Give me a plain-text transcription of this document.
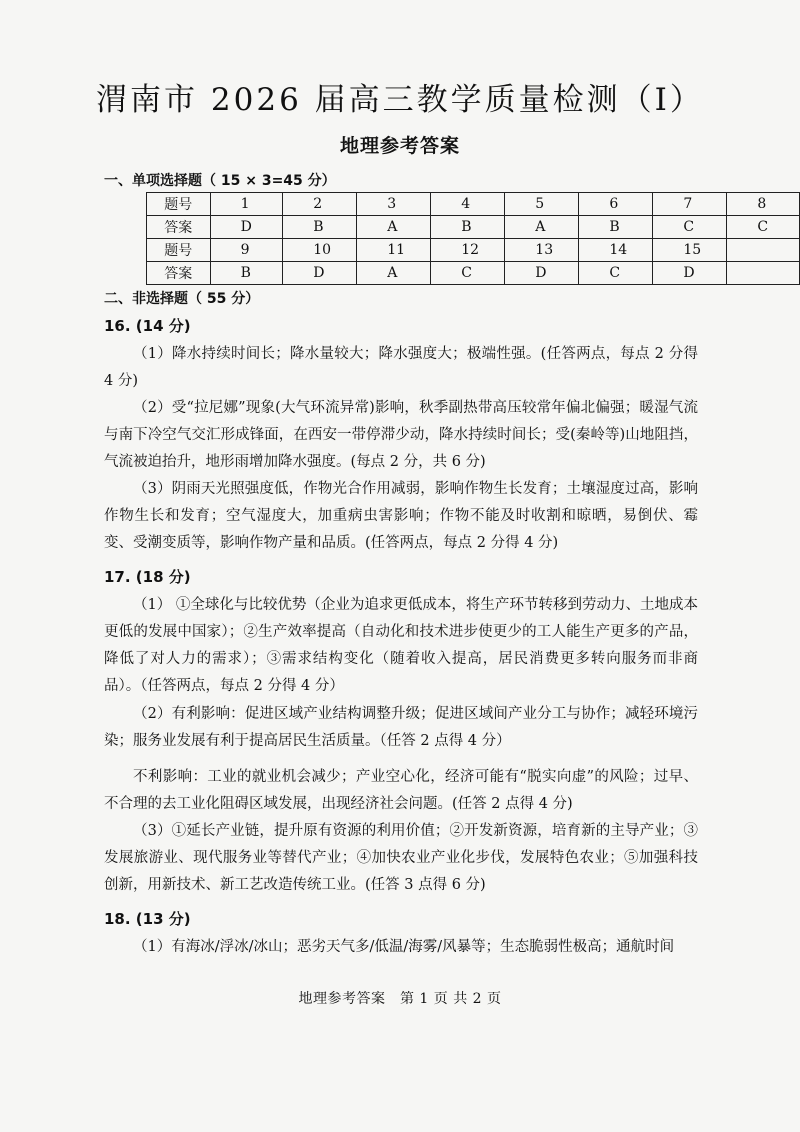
渭南市 2026 届高三教学质量检测（Ⅰ）
地理参考答案
一、单项选择题（ 15 × 3=45 分）
题号	1	2	3	4	5	6	7	8
答案	D	B	A	B	A	B	C	C
题号	9	10	11	12	13	14	15	
答案	B	D	A	C	D	C	D	
二、非选择题（ 55 分）
16. (14 分)
（1）降水持续时间长；降水量较大；降水强度大；极端性强。(任答两点，每点 2 分得 4 分)
（2）受“拉尼娜”现象(大气环流异常)影响，秋季副热带高压较常年偏北偏强；暖湿气流与南下冷空气交汇形成锋面，在西安一带停滞少动，降水持续时间长；受(秦岭等)山地阻挡，气流被迫抬升，地形雨增加降水强度。(每点 2 分，共 6 分)
（3）阴雨天光照强度低，作物光合作用减弱，影响作物生长发育；土壤湿度过高，影响作物生长和发育；空气湿度大，加重病虫害影响；作物不能及时收割和晾晒，易倒伏、霉变、受潮变质等，影响作物产量和品质。(任答两点，每点 2 分得 4 分)
17. (18 分)
（1） ①全球化与比较优势（企业为追求更低成本，将生产环节转移到劳动力、土地成本更低的发展中国家）；②生产效率提高（自动化和技术进步使更少的工人能生产更多的产品，降低了对人力的需求）；③需求结构变化（随着收入提高，居民消费更多转向服务而非商品）。（任答两点，每点 2 分得 4 分）
（2）有利影响：促进区域产业结构调整升级；促进区域间产业分工与协作；减轻环境污染；服务业发展有利于提高居民生活质量。（任答 2 点得 4 分）
不利影响：工业的就业机会减少；产业空心化，经济可能有“脱实向虚”的风险；过早、不合理的去工业化阻碍区域发展，出现经济社会问题。(任答 2 点得 4 分)
（3）①延长产业链，提升原有资源的利用价值；②开发新资源，培育新的主导产业；③发展旅游业、现代服务业等替代产业；④加快农业产业化步伐，发展特色农业；⑤加强科技创新，用新技术、新工艺改造传统工业。(任答 3 点得 6 分)
18. (13 分)
（1）有海冰/浮冰/冰山；恶劣天气多/低温/海雾/风暴等；生态脆弱性极高；通航时间
地理参考答案　第 1 页 共 2 页
